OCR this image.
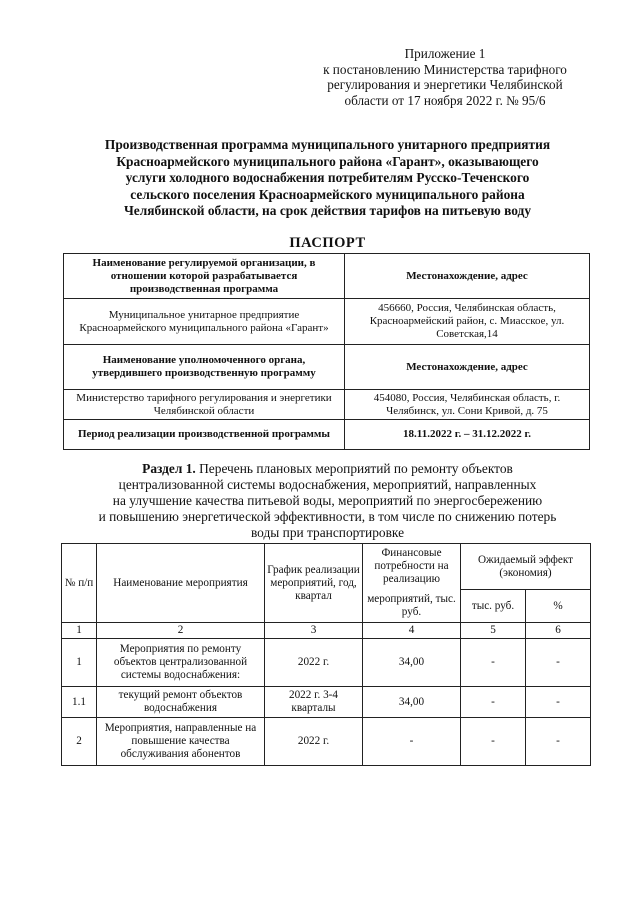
Приложение 1
к постановлению Министерства тарифного
регулирования и энергетики Челябинской
области от 17 ноября 2022 г. № 95/6
Производственная программа муниципального унитарного предприятия
Красноармейского муниципального района «Гарант», оказывающего
услуги холодного водоснабжения потребителям Русско-Теченского
сельского поселения Красноармейского муниципального района
Челябинской области, на срок действия тарифов на питьевую воду
ПАСПОРТ
Наименование регулируемой организации, в отношении которой разрабатывается производственная программа	Местонахождение, адрес
Муниципальное унитарное предприятие Красноармейского муниципального района «Гарант»	456660, Россия, Челябинская область, Красноармейский район, с. Миасское, ул. Советская,14
Наименование уполномоченного органа, утвердившего производственную программу	Местонахождение, адрес
Министерство тарифного регулирования и энергетики Челябинской области	454080, Россия, Челябинская область, г. Челябинск, ул. Сони Кривой, д. 75
Период реализации производственной программы	18.11.2022 г. – 31.12.2022 г.
Раздел 1. Перечень плановых мероприятий по ремонту объектов
централизованной системы водоснабжения, мероприятий, направленных
на улучшение качества питьевой воды, мероприятий по энергосбережению
и повышению энергетической эффективности, в том числе по снижению потерь
воды при транспортировке
№ п/п	Наименование мероприятия	График реализации мероприятий, год, квартал	Финансовые потребности на реализацию	Ожидаемый эффект (экономия)	
			мероприятий, тыс. руб.	тыс. руб.	%
1	2	3	4	5	6
1	Мероприятия по ремонту объектов централизованной системы водоснабжения:	2022 г.	34,00	-	-
1.1	текущий ремонт объектов водоснабжения	2022 г. 3-4 кварталы	34,00	-	-
2	Мероприятия, направленные на повышение качества обслуживания абонентов	2022 г.	-	-	-
